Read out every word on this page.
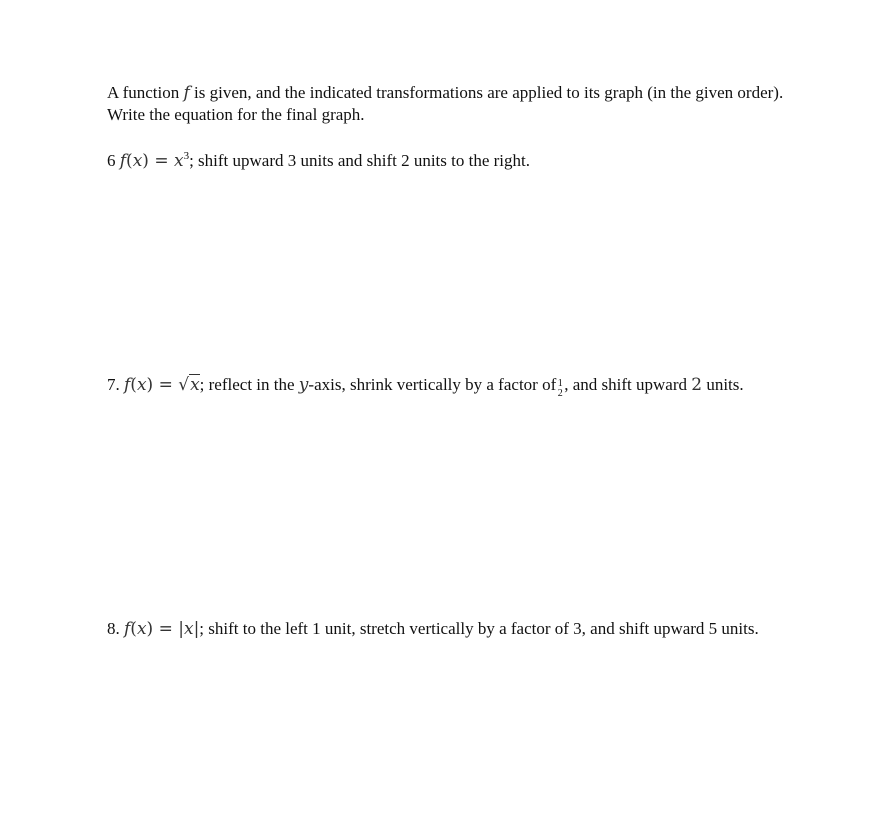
A function f is given, and the indicated transformations are applied to its graph (in the given order). Write the equation for the final graph.
6 $f(x) = x^3$; shift upward 3 units and shift 2 units to the right.
7. f(x) = √x; reflect in the y-axis, shrink vertically by a factor of 1
2 , and shift upward 2 units.
8. f(x) = |x|; shift to the left 1 unit, stretch vertically by a factor of 3, and shift upward 5 units.
